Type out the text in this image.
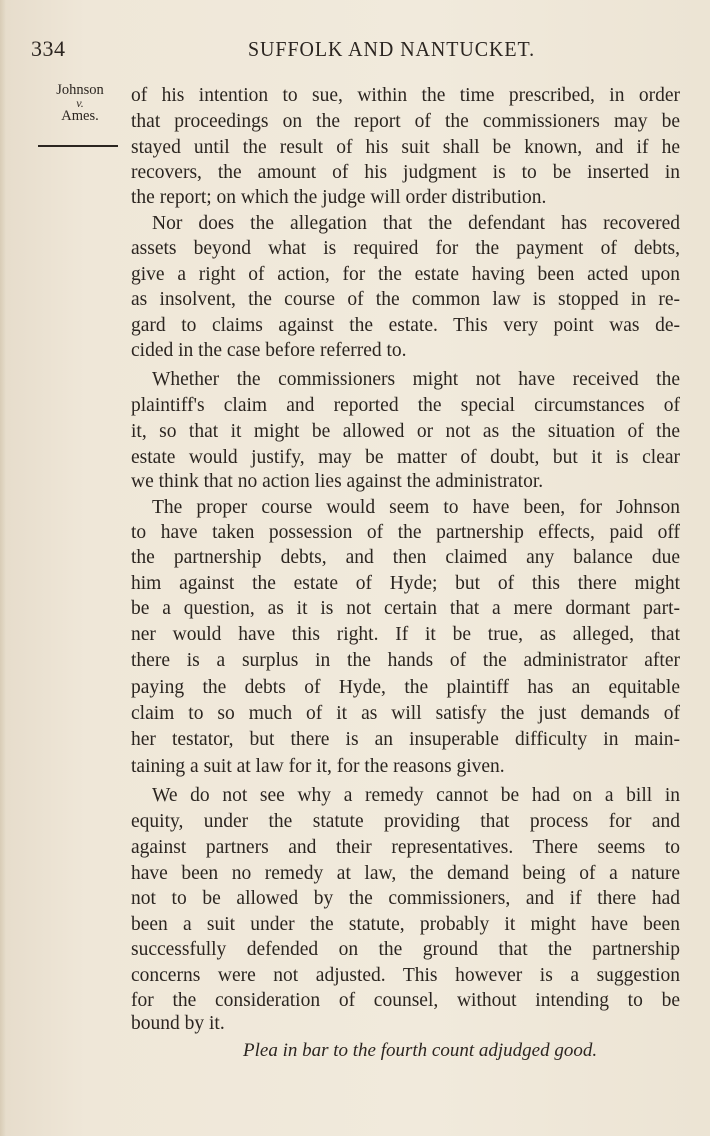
334	SUFFOLK AND NANTUCKET.
Johnson
v.
Ames.
of his intention to sue, within the time prescribed, in order
that proceedings on the report of the commissioners may be
stayed until the result of his suit shall be known, and if he
recovers, the amount of his judgment is to be inserted in
the report; on which the judge will order distribution.
Nor does the allegation that the defendant has recovered
assets beyond what is required for the payment of debts,
give a right of action, for the estate having been acted upon
as insolvent, the course of the common law is stopped in re-
gard to claims against the estate. This very point was de-
cided in the case before referred to.
Whether the commissioners might not have received the
plaintiff's claim and reported the special circumstances of
it, so that it might be allowed or not as the situation of the
estate would justify, may be matter of doubt, but it is clear
we think that no action lies against the administrator.
The proper course would seem to have been, for Johnson
to have taken possession of the partnership effects, paid off
the partnership debts, and then claimed any balance due
him against the estate of Hyde; but of this there might
be a question, as it is not certain that a mere dormant part-
ner would have this right. If it be true, as alleged, that
there is a surplus in the hands of the administrator after
paying the debts of Hyde, the plaintiff has an equitable
claim to so much of it as will satisfy the just demands of
her testator, but there is an insuperable difficulty in main-
taining a suit at law for it, for the reasons given.
We do not see why a remedy cannot be had on a bill in
equity, under the statute providing that process for and
against partners and their representatives. There seems to
have been no remedy at law, the demand being of a nature
not to be allowed by the commissioners, and if there had
been a suit under the statute, probably it might have been
successfully defended on the ground that the partnership
concerns were not adjusted. This however is a suggestion
for the consideration of counsel, without intending to be
bound by it.
Plea in bar to the fourth count adjudged good.
